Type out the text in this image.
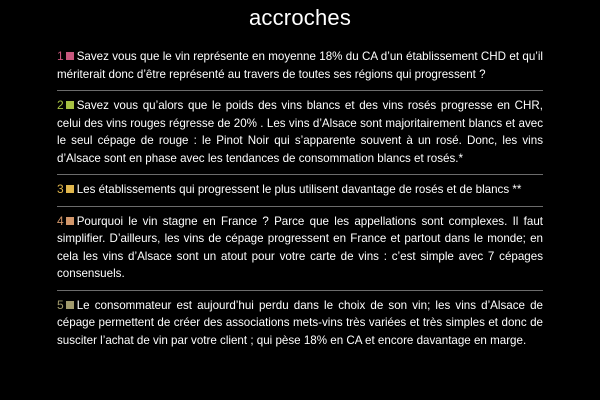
accroches
1 Savez vous que le vin représente en moyenne 18% du CA d’un établissement CHD et qu’il mériterait donc d’être représenté au travers de toutes ses régions qui progressent ?
2 Savez vous qu’alors que le poids des vins blancs et des vins rosés progresse en CHR, celui des vins rouges régresse de 20% . Les vins d’Alsace sont majoritairement blancs et avec le seul cépage de rouge : le Pinot Noir qui s’apparente souvent à un rosé. Donc, les vins d’Alsace sont en phase avec les tendances de consommation blancs et rosés.*
3 Les établissements qui progressent le plus utilisent davantage de rosés et de blancs **
4 Pourquoi le vin stagne en France ? Parce que les appellations sont complexes. Il faut simplifier. D’ailleurs, les vins de cépage progressent en France et partout dans le monde; en cela les vins d’Alsace sont un atout pour votre carte de vins : c’est simple avec 7 cépages consensuels.
5 Le consommateur est aujourd’hui perdu dans le choix de son vin; les vins d’Alsace de cépage permettent de créer des associations mets-vins très variées et très simples et donc de susciter l’achat de vin par votre client ; qui pèse 18% en CA et encore davantage en marge.
